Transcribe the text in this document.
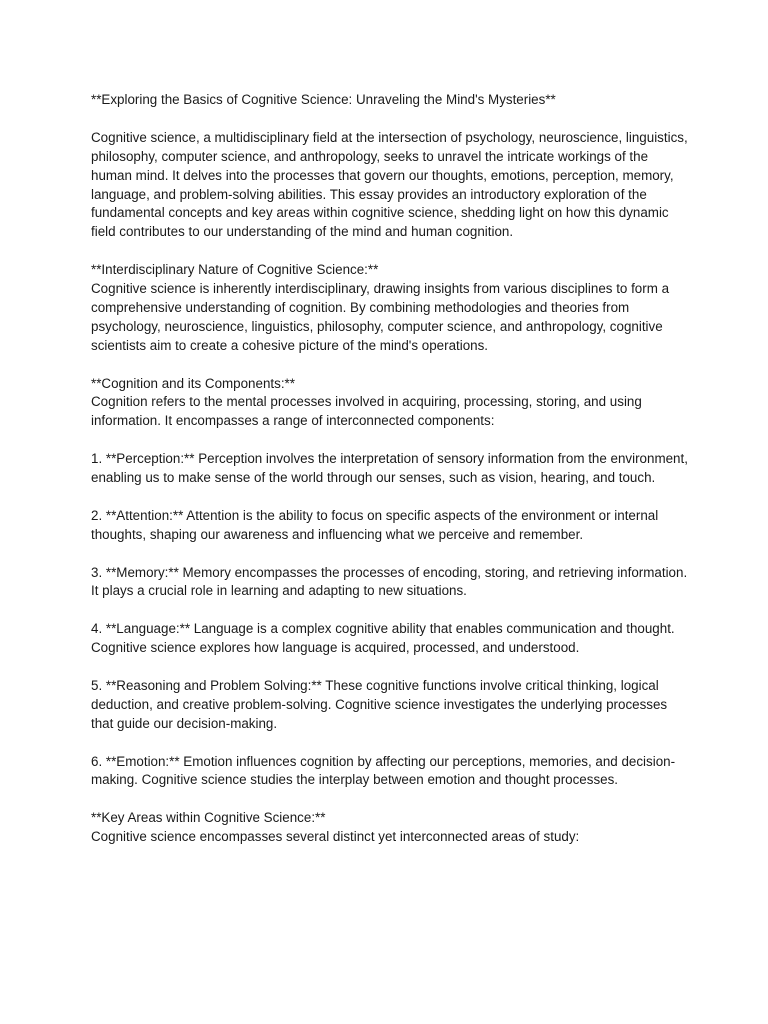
**Exploring the Basics of Cognitive Science: Unraveling the Mind's Mysteries**

Cognitive science, a multidisciplinary field at the intersection of psychology, neuroscience, linguistics, philosophy, computer science, and anthropology, seeks to unravel the intricate workings of the human mind. It delves into the processes that govern our thoughts, emotions, perception, memory, language, and problem-solving abilities. This essay provides an introductory exploration of the fundamental concepts and key areas within cognitive science, shedding light on how this dynamic field contributes to our understanding of the mind and human cognition.

**Interdisciplinary Nature of Cognitive Science:**
Cognitive science is inherently interdisciplinary, drawing insights from various disciplines to form a comprehensive understanding of cognition. By combining methodologies and theories from psychology, neuroscience, linguistics, philosophy, computer science, and anthropology, cognitive scientists aim to create a cohesive picture of the mind's operations.

**Cognition and its Components:**
Cognition refers to the mental processes involved in acquiring, processing, storing, and using information. It encompasses a range of interconnected components:

1. **Perception:** Perception involves the interpretation of sensory information from the environment, enabling us to make sense of the world through our senses, such as vision, hearing, and touch.

2. **Attention:** Attention is the ability to focus on specific aspects of the environment or internal thoughts, shaping our awareness and influencing what we perceive and remember.

3. **Memory:** Memory encompasses the processes of encoding, storing, and retrieving information. It plays a crucial role in learning and adapting to new situations.

4. **Language:** Language is a complex cognitive ability that enables communication and thought. Cognitive science explores how language is acquired, processed, and understood.

5. **Reasoning and Problem Solving:** These cognitive functions involve critical thinking, logical deduction, and creative problem-solving. Cognitive science investigates the underlying processes that guide our decision-making.

6. **Emotion:** Emotion influences cognition by affecting our perceptions, memories, and decision-making. Cognitive science studies the interplay between emotion and thought processes.

**Key Areas within Cognitive Science:**
Cognitive science encompasses several distinct yet interconnected areas of study:
